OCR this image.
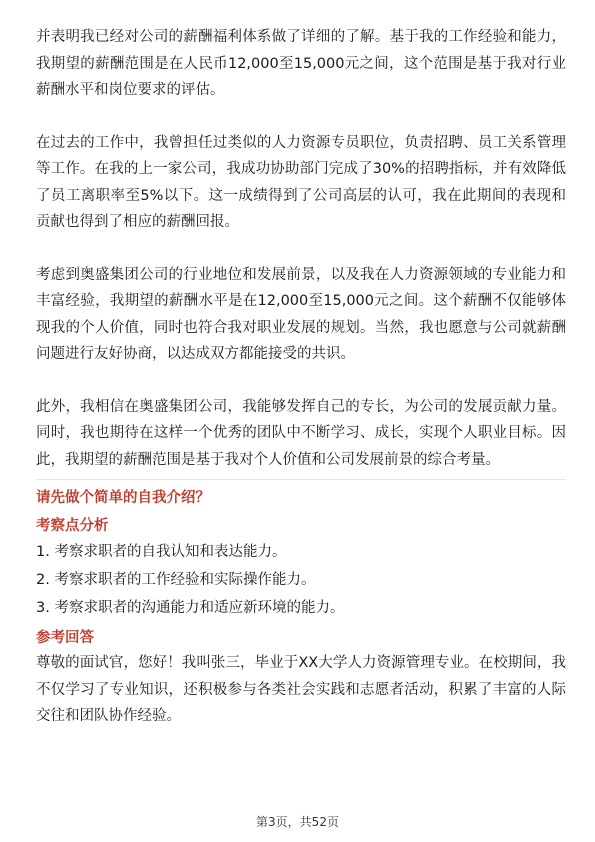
并表明我已经对公司的薪酬福利体系做了详细的了解。基于我的工作经验和能力，我期望的薪酬范围是在人民币12,000至15,000元之间，这个范围是基于我对行业薪酬水平和岗位要求的评估。

在过去的工作中，我曾担任过类似的人力资源专员职位，负责招聘、员工关系管理等工作。在我的上一家公司，我成功协助部门完成了30%的招聘指标，并有效降低了员工离职率至5%以下。这一成绩得到了公司高层的认可，我在此期间的表现和贡献也得到了相应的薪酬回报。

考虑到奥盛集团公司的行业地位和发展前景，以及我在人力资源领域的专业能力和丰富经验，我期望的薪酬水平是在12,000至15,000元之间。这个薪酬不仅能够体现我的个人价值，同时也符合我对职业发展的规划。当然，我也愿意与公司就薪酬问题进行友好协商，以达成双方都能接受的共识。

此外，我相信在奥盛集团公司，我能够发挥自己的专长，为公司的发展贡献力量。同时，我也期待在这样一个优秀的团队中不断学习、成长，实现个人职业目标。因此，我期望的薪酬范围是基于我对个人价值和公司发展前景的综合考量。

请先做个简单的自我介绍？

考察点分析

1. 考察求职者的自我认知和表达能力。

2. 考察求职者的工作经验和实际操作能力。

3. 考察求职者的沟通能力和适应新环境的能力。

参考回答

尊敬的面试官，您好！我叫张三，毕业于XX大学人力资源管理专业。在校期间，我不仅学习了专业知识，还积极参与各类社会实践和志愿者活动，积累了丰富的人际交往和团队协作经验。

第3页，共52页
